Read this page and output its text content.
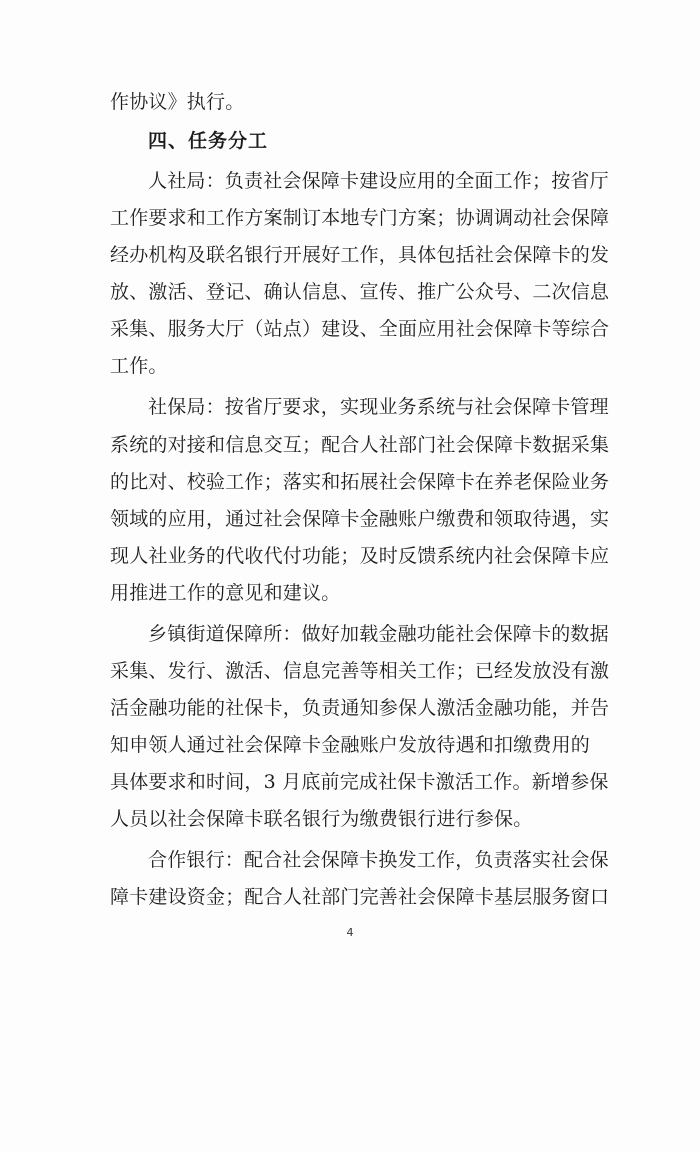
作协议》执行。
四、任务分工
人社局：负责社会保障卡建设应用的全面工作；按省厅
工作要求和工作方案制订本地专门方案；协调调动社会保障
经办机构及联名银行开展好工作，具体包括社会保障卡的发
放、激活、登记、确认信息、宣传、推广公众号、二次信息
采集、服务大厅（站点）建设、全面应用社会保障卡等综合
工作。
社保局：按省厅要求，实现业务系统与社会保障卡管理
系统的对接和信息交互；配合人社部门社会保障卡数据采集
的比对、校验工作；落实和拓展社会保障卡在养老保险业务
领域的应用，通过社会保障卡金融账户缴费和领取待遇，实
现人社业务的代收代付功能；及时反馈系统内社会保障卡应
用推进工作的意见和建议。
乡镇街道保障所：做好加载金融功能社会保障卡的数据
采集、发行、激活、信息完善等相关工作；已经发放没有激
活金融功能的社保卡，负责通知参保人激活金融功能，并告
知申领人通过社会保障卡金融账户发放待遇和扣缴费用的
具体要求和时间，3 月底前完成社保卡激活工作。新增参保
人员以社会保障卡联名银行为缴费银行进行参保。
合作银行：配合社会保障卡换发工作，负责落实社会保
障卡建设资金；配合人社部门完善社会保障卡基层服务窗口
4
